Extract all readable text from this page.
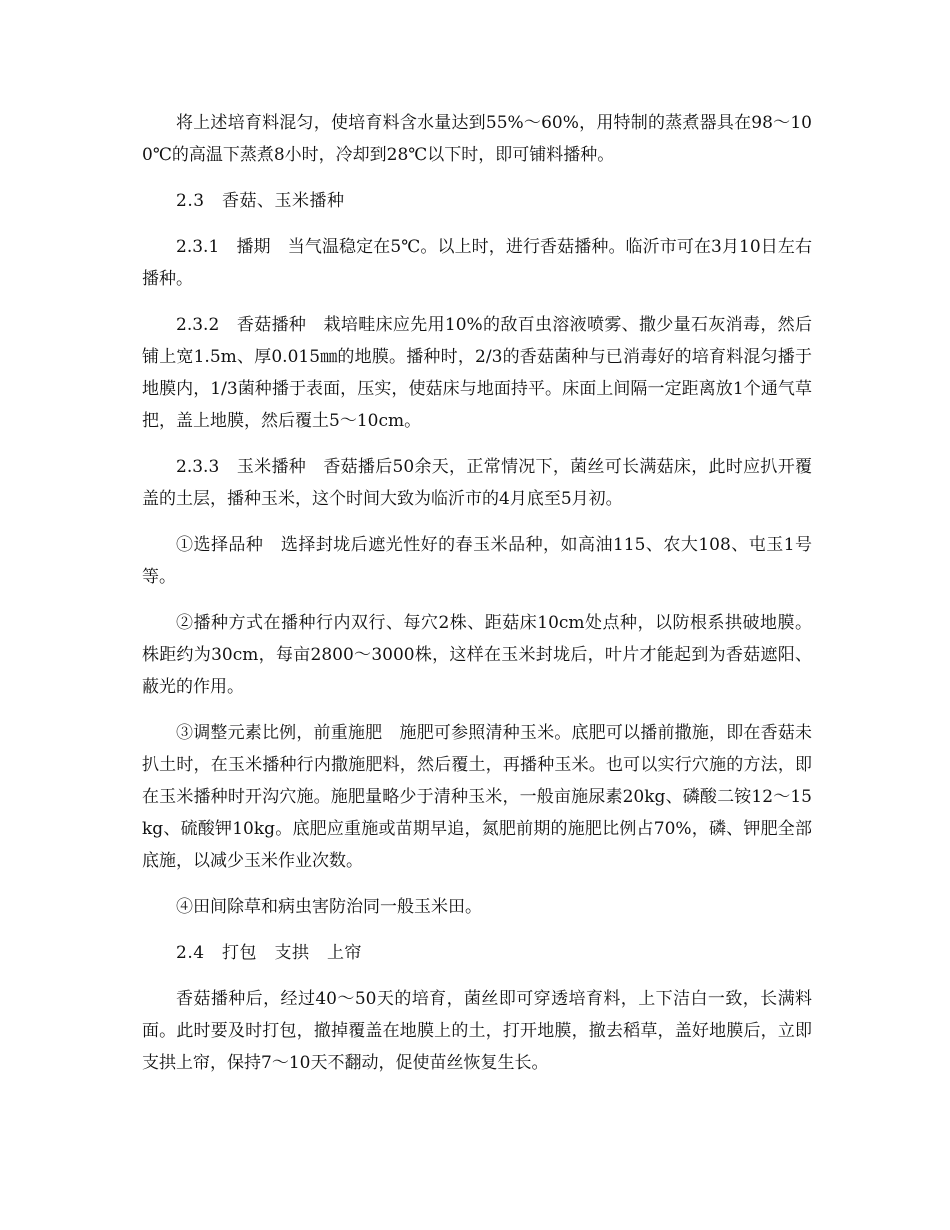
将上述培育料混匀，使培育料含水量达到55%～60%，用特制的蒸煮器具在98～100℃的高温下蒸煮8小时，冷却到28℃以下时，即可铺料播种。

2.3　香菇、玉米播种

2.3.1　播期　当气温稳定在5℃。以上时，进行香菇播种。临沂市可在3月10日左右播种。

2.3.2　香菇播种　栽培畦床应先用10%的敌百虫溶液喷雾、撒少量石灰消毒，然后铺上宽1.5m、厚0.015㎜的地膜。播种时，2/3的香菇菌种与已消毒好的培育料混匀播于地膜内，1/3菌种播于表面，压实，使菇床与地面持平。床面上间隔一定距离放1个通气草把，盖上地膜，然后覆土5～10cm。

2.3.3　玉米播种　香菇播后50余天，正常情况下，菌丝可长满菇床，此时应扒开覆盖的土层，播种玉米，这个时间大致为临沂市的4月底至5月初。

①选择品种　选择封垅后遮光性好的春玉米品种，如高油115、农大108、屯玉1号等。

②播种方式在播种行内双行、每穴2株、距菇床10cm处点种，以防根系拱破地膜。株距约为30cm，每亩2800～3000株，这样在玉米封垅后，叶片才能起到为香菇遮阳、蔽光的作用。

③调整元素比例，前重施肥　施肥可参照清种玉米。底肥可以播前撒施，即在香菇未扒土时，在玉米播种行内撒施肥料，然后覆土，再播种玉米。也可以实行穴施的方法，即在玉米播种时开沟穴施。施肥量略少于清种玉米，一般亩施尿素20kg、磷酸二铵12～15kg、硫酸钾10kg。底肥应重施或苗期早追，氮肥前期的施肥比例占70%，磷、钾肥全部底施，以减少玉米作业次数。

④田间除草和病虫害防治同一般玉米田。

2.4　打包　支拱　上帘

香菇播种后，经过40～50天的培育，菌丝即可穿透培育料，上下洁白一致，长满料面。此时要及时打包，撤掉覆盖在地膜上的土，打开地膜，撤去稻草，盖好地膜后，立即支拱上帘，保持7～10天不翻动，促使苗丝恢复生长。
